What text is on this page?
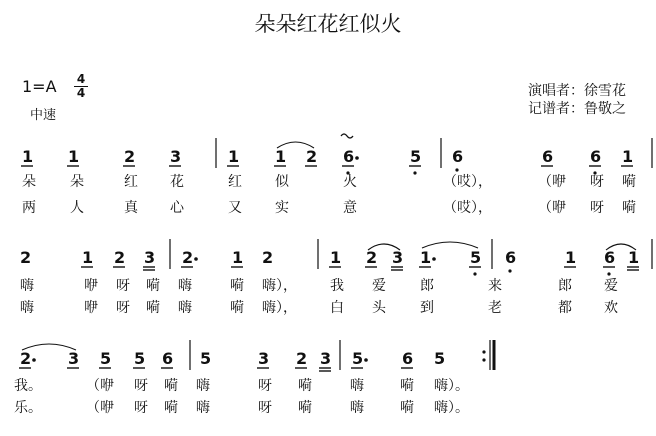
朵朵红花红似火
1=A	4
4
中速
演唱者：徐雪花
记谱者：鲁敬之
1 1	2 3	1 1 2 6	5 6	6 6 1
朵 朵	红 花	红 似	火	（哎），	（咿 呀 嗬
两 人	真 心	又 实	意	（哎），	（咿 呀 嗬
2	1 2 3 2 1 2	1 2 3 1 5 6	1 6 1
嗨	咿 呀 嗬 嗨	嗬 嗨）， 我 爱 郎	来	郎 爱
嗨	咿 呀 嗬 嗨	嗬 嗨）， 白 头 到	老	都 欢
2 3 5 5 6 5	3 2 3 5 6 5
我。	（咿 呀 嗬 嗨	呀 嗬	嗨	嗬 嗨）。
乐。	（咿 呀 嗬 嗨	呀 嗬	嗨	嗬 嗨）。
